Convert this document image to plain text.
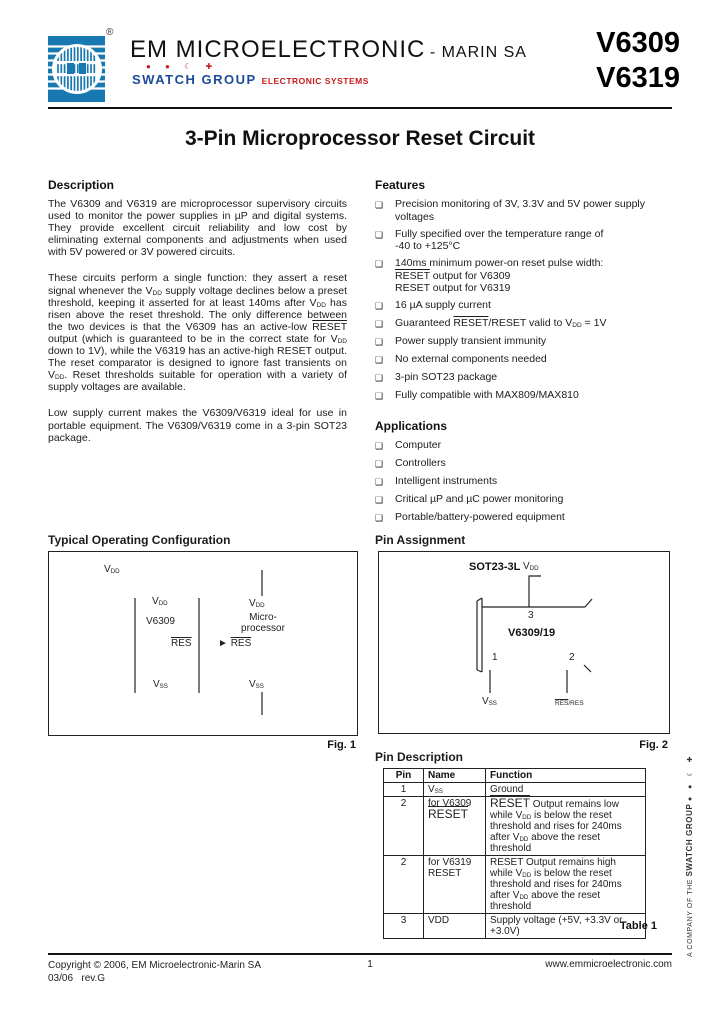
®
EM MICROELECTRONIC - MARIN SA
● ● ☾ ✚
SWATCH GROUP ELECTRONIC SYSTEMS
V6309
V6319
3-Pin Microprocessor Reset Circuit
Description

The V6309 and V6319 are microprocessor supervisory circuits used to monitor the power supplies in µP and digital systems. They provide excellent circuit reliability and low cost by eliminating external components and adjustments when used with 5V powered or 3V powered circuits.

These circuits perform a single function: they assert a reset signal whenever the $V_{DD}$ supply voltage declines below a preset threshold, keeping it asserted for at least 140ms after $V_{DD}$ has risen above the reset threshold. The only difference between the two devices is that the V6309 has an active-low RESET output (which is guaranteed to be in the correct state for $V_{DD}$ down to 1V), while the V6319 has an active-high RESET output. The reset comparator is designed to ignore fast transients on $V_{DD}$. Reset thresholds suitable for operation with a variety of supply voltages are available.

Low supply current makes the V6309/V6319 ideal for use in portable equipment. The V6309/V6319 come in a 3-pin SOT23 package.

Features
❑	Precision monitoring of 3V, 3.3V and 5V power supply voltages
❑	Fully specified over the temperature range of
-40 to +125°C
❑	140ms minimum power-on reset pulse width:
RESET output for V6309
RESET output for V6319
❑	16 µA supply current
❑	Guaranteed RESET/RESET valid to $V_{DD} = 1V$
❑	Power supply transient immunity
❑	No external components needed
❑	3-pin SOT23 package
❑	Fully compatible with MAX809/MAX810
Applications
❑	Computer
❑	Controllers
❑	Intelligent instruments
❑	Critical µP and µC power monitoring
❑	Portable/battery-powered equipment
Typical Operating Configuration
$V_{DD}$
$V_{DD}$
V6309
$\overline{RES}$
$V_{SS}$
$V_{DD}$
Micro-
processor
► $\overline{RES}$
$V_{SS}$
Fig. 1
Pin Assignment
SOT23-3L $V_{DD}$
3
V6309/19
1	2
$V_{SS}$	$\overline{RES}$/RES
Fig. 2
Pin Description
Pin	Name	Function
1	$V_{SS}$	Ground
2	for V6309
RESET	RESET Output remains low while $V_{DD}$ is below the reset threshold and rises for 240ms after $V_{DD}$ above the reset threshold
2	for V6319
RESET	RESET Output remains high while $V_{DD}$ is below the reset threshold and rises for 240ms after $V_{DD}$ above the reset threshold
3	VDD	Supply voltage (+5V, +3.3V or +3.0V)	Table 1	A COMPANY OF THE SWATCH GROUP ● ● ☾ ✚
Copyright © 2006, EM Microelectronic-Marin SA
03/06   rev.G
1	www.emmicroelectronic.com
